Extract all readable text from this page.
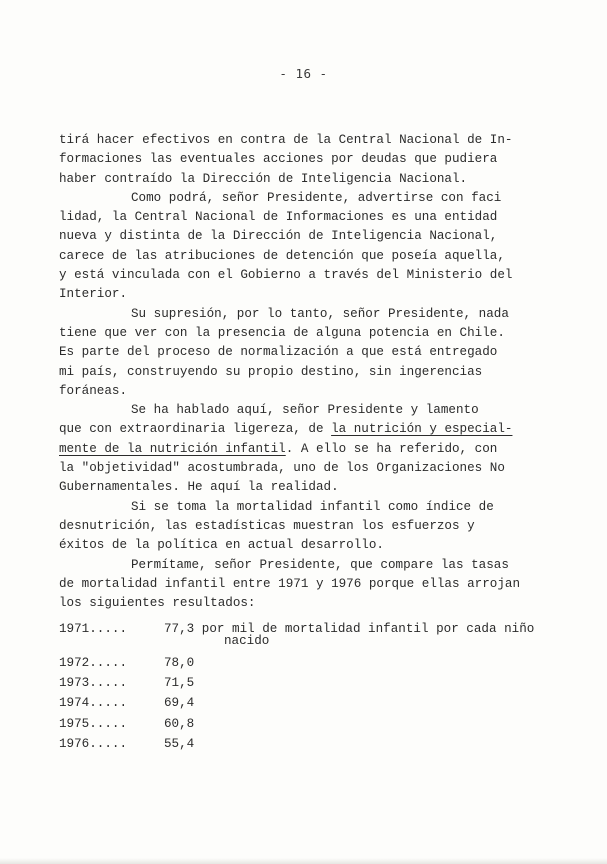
- 16 -
tirá hacer efectivos en contra de la Central Nacional de In-
formaciones las eventuales acciones por deudas que pudiera
haber contraído la Dirección de Inteligencia Nacional.
Como podrá, señor Presidente, advertirse con faci
lidad, la Central Nacional de Informaciones es una entidad
nueva y distinta de la Dirección de Inteligencia Nacional,
carece de las atribuciones de detención que poseía aquella,
y está vinculada con el Gobierno a través del Ministerio del
Interior.
Su supresión, por lo tanto, señor Presidente, nada
tiene que ver con la presencia de alguna potencia en Chile.
Es parte del proceso de normalización a que está entregado
mi país, construyendo su propio destino, sin ingerencias
foráneas.
Se ha hablado aquí, señor Presidente y lamento
que con extraordinaria ligereza, de la nutrición y especial-
mente de la nutrición infantil. A ello se ha referido, con
la "objetividad" acostumbrada, uno de los Organizaciones No
Gubernamentales. He aquí la realidad.
Si se toma la mortalidad infantil como índice de
desnutrición, las estadísticas muestran los esfuerzos y
éxitos de la política en actual desarrollo.
Permítame, señor Presidente, que compare las tasas
de mortalidad infantil entre 1971 y 1976 porque ellas arrojan
los siguientes resultados:
1971.....	77,3 por mil de mortalidad infantil por cada niño
nacido
1972.....	78,0
1973.....	71,5
1974.....	69,4
1975.....	60,8
1976.....	55,4
